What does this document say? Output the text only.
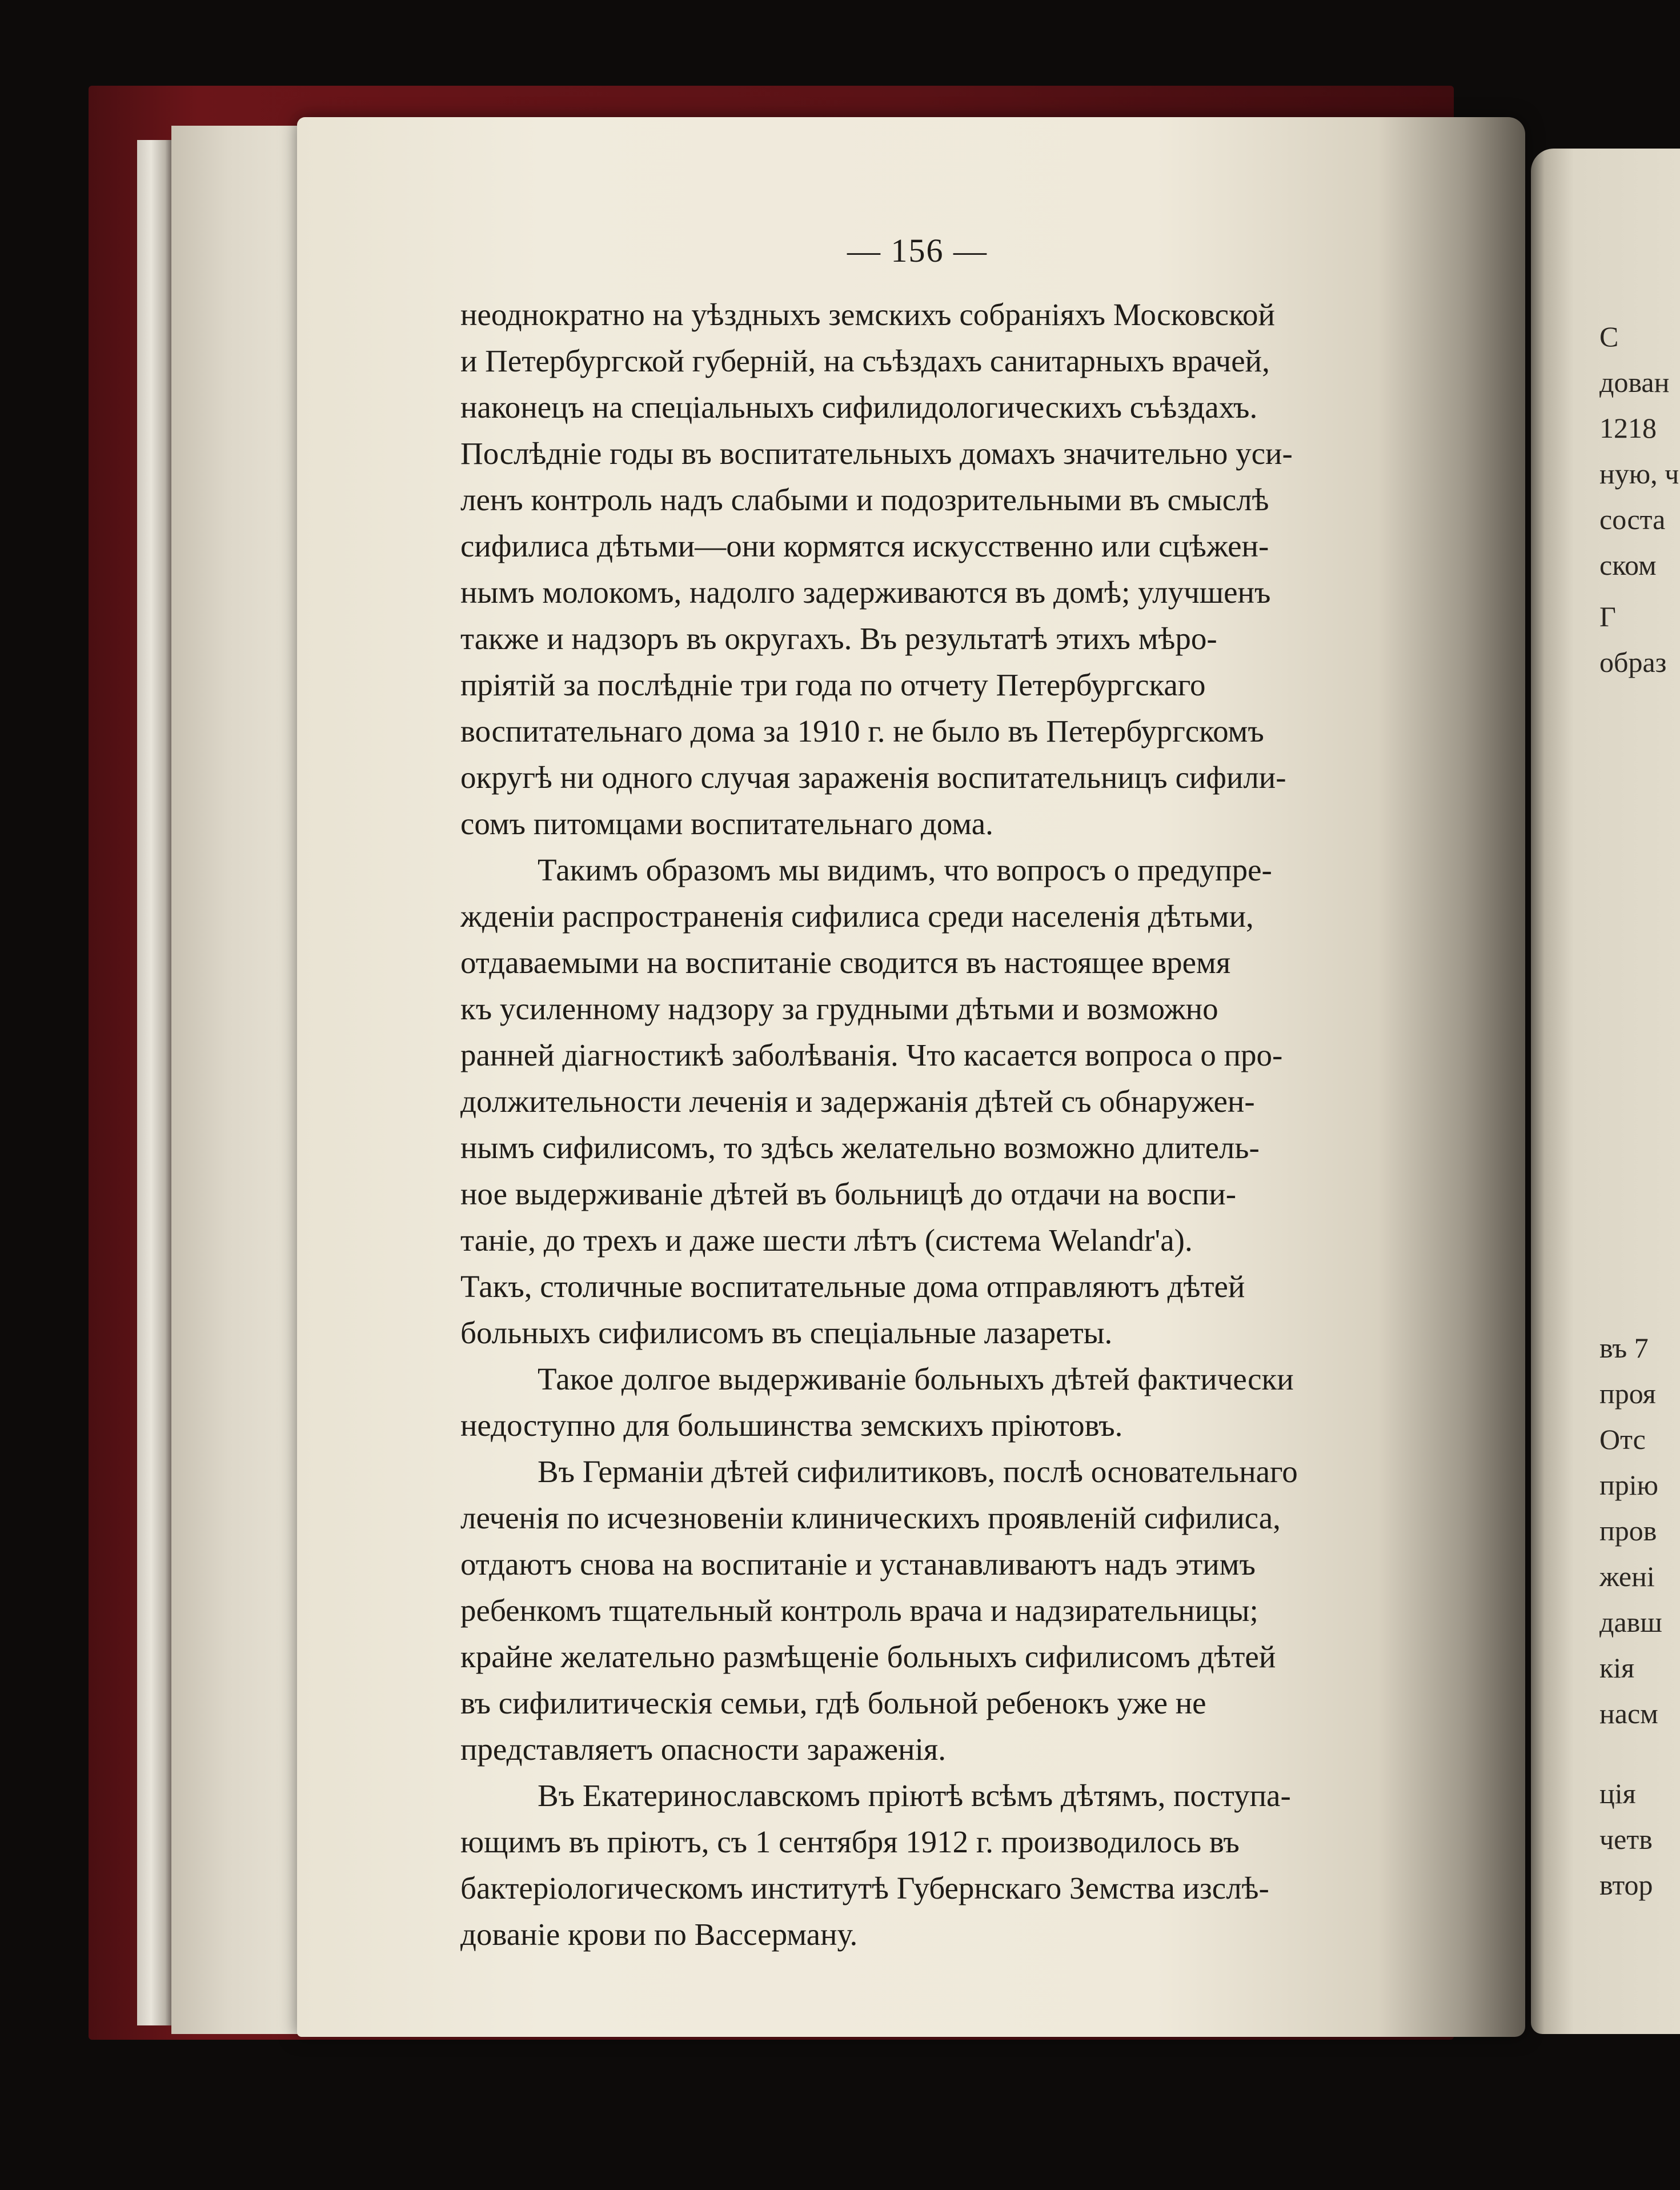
— 156 —
неоднократно на уѣздныхъ земскихъ собраніяхъ Московской
и Петербургской губерній, на съѣздахъ санитарныхъ врачей,
наконецъ на спеціальныхъ сифилидологическихъ съѣздахъ.
Послѣдніе годы въ воспитательныхъ домахъ значительно уси-
ленъ контроль надъ слабыми и подозрительными въ смыслѣ
сифилиса дѣтьми—они кормятся искусственно или сцѣжен-
нымъ молокомъ, надолго задерживаются въ домѣ; улучшенъ
также и надзоръ въ округахъ. Въ результатѣ этихъ мѣро-
пріятій за послѣдніе три года по отчету Петербургскаго
воспитательнаго дома за 1910 г. не было въ Петербургскомъ
округѣ ни одного случая зараженія воспитательницъ сифили-
сомъ питомцами воспитательнаго дома.
Такимъ образомъ мы видимъ, что вопросъ о предупре-
жденіи распространенія сифилиса среди населенія дѣтьми,
отдаваемыми на воспитаніе сводится въ настоящее время
къ усиленному надзору за грудными дѣтьми и возможно
ранней діагностикѣ заболѣванія. Что касается вопроса о про-
должительности леченія и задержанія дѣтей съ обнаружен-
нымъ сифилисомъ, то здѣсь желательно возможно длитель-
ное выдерживаніе дѣтей въ больницѣ до отдачи на воспи-
таніе, до трехъ и даже шести лѣтъ (система Welandr'a).
Такъ, столичные воспитательные дома отправляютъ дѣтей
больныхъ сифилисомъ въ спеціальные лазареты.
Такое долгое выдерживаніе больныхъ дѣтей фактически
недоступно для большинства земскихъ пріютовъ.
Въ Германіи дѣтей сифилитиковъ, послѣ основательнаго
леченія по исчезновеніи клиническихъ проявленій сифилиса,
отдаютъ снова на воспитаніе и устанавливаютъ надъ этимъ
ребенкомъ тщательный контроль врача и надзирательницы;
крайне желательно размѣщеніе больныхъ сифилисомъ дѣтей
въ сифилитическія семьи, гдѣ больной ребенокъ уже не
представляетъ опасности зараженія.
Въ Екатеринославскомъ пріютѣ всѣмъ дѣтямъ, поступа-
ющимъ въ пріютъ, съ 1 сентября 1912 г. производилось въ
бактеріологическомъ институтѣ Губернскаго Земства изслѣ-
дованіе крови по Вассерману.
С
дован
1218
ную, ч
соста
ском
Г
образ
въ 7
проя
Отс
прію
пров
жені
давш
кія
насм
ція
четв
втор
